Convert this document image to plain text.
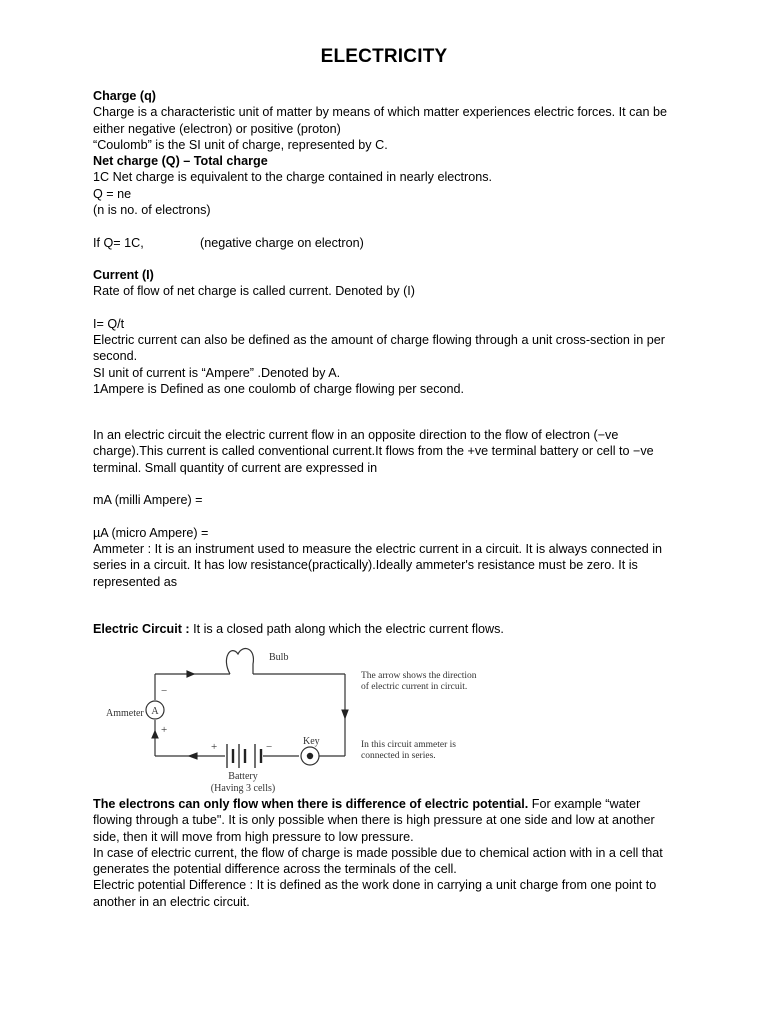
ELECTRICITY

Charge (q)

Charge is a characteristic unit of matter by means of which matter experiences electric forces. It can be either negative (electron) or positive (proton)

“Coulomb” is the SI unit of charge, represented by C.

Net charge (Q) – Total charge

1C Net charge is equivalent to the charge contained in nearly electrons.

Q = ne

(n is no. of electrons)

If Q= 1C,	(negative charge on electron)

Current (I)

Rate of flow of net charge is called current. Denoted by (I)

I= Q/t

Electric current can also be defined as the amount of charge flowing through a unit cross-section in per second.

SI unit of current is “Ampere” .Denoted by A.

1Ampere is Defined as one coulomb of charge flowing per second.

In an electric circuit the electric current flow in an opposite direction to the flow of electron (−ve charge).This current is called conventional current.It flows from the +ve terminal battery or cell to −ve terminal. Small quantity of current are expressed in

mA (milli Ampere) =

µA (micro Ampere) =

Ammeter : It is an instrument used to measure the electric current in a circuit. It is always connected in series in a circuit. It has low resistance(practically).Ideally ammeter's resistance must be zero. It is represented as

Electric Circuit : It is a closed path along which the electric current flows.

Bulb
Ammeter A
−
+
+	−	Key
Battery
(Having 3 cells)
The arrow shows the direction
of electric current in circuit.
In this circuit ammeter is
connected in series.

The electrons can only flow when there is difference of electric potential. For example “water flowing through a tube". It is only possible when there is high pressure at one side and low at another side, then it will move from high pressure to low pressure.

In case of electric current, the flow of charge is made possible due to chemical action with in a cell that generates the potential difference across the terminals of the cell.

Electric potential Difference : It is defined as the work done in carrying a unit charge from one point to another in an electric circuit.
